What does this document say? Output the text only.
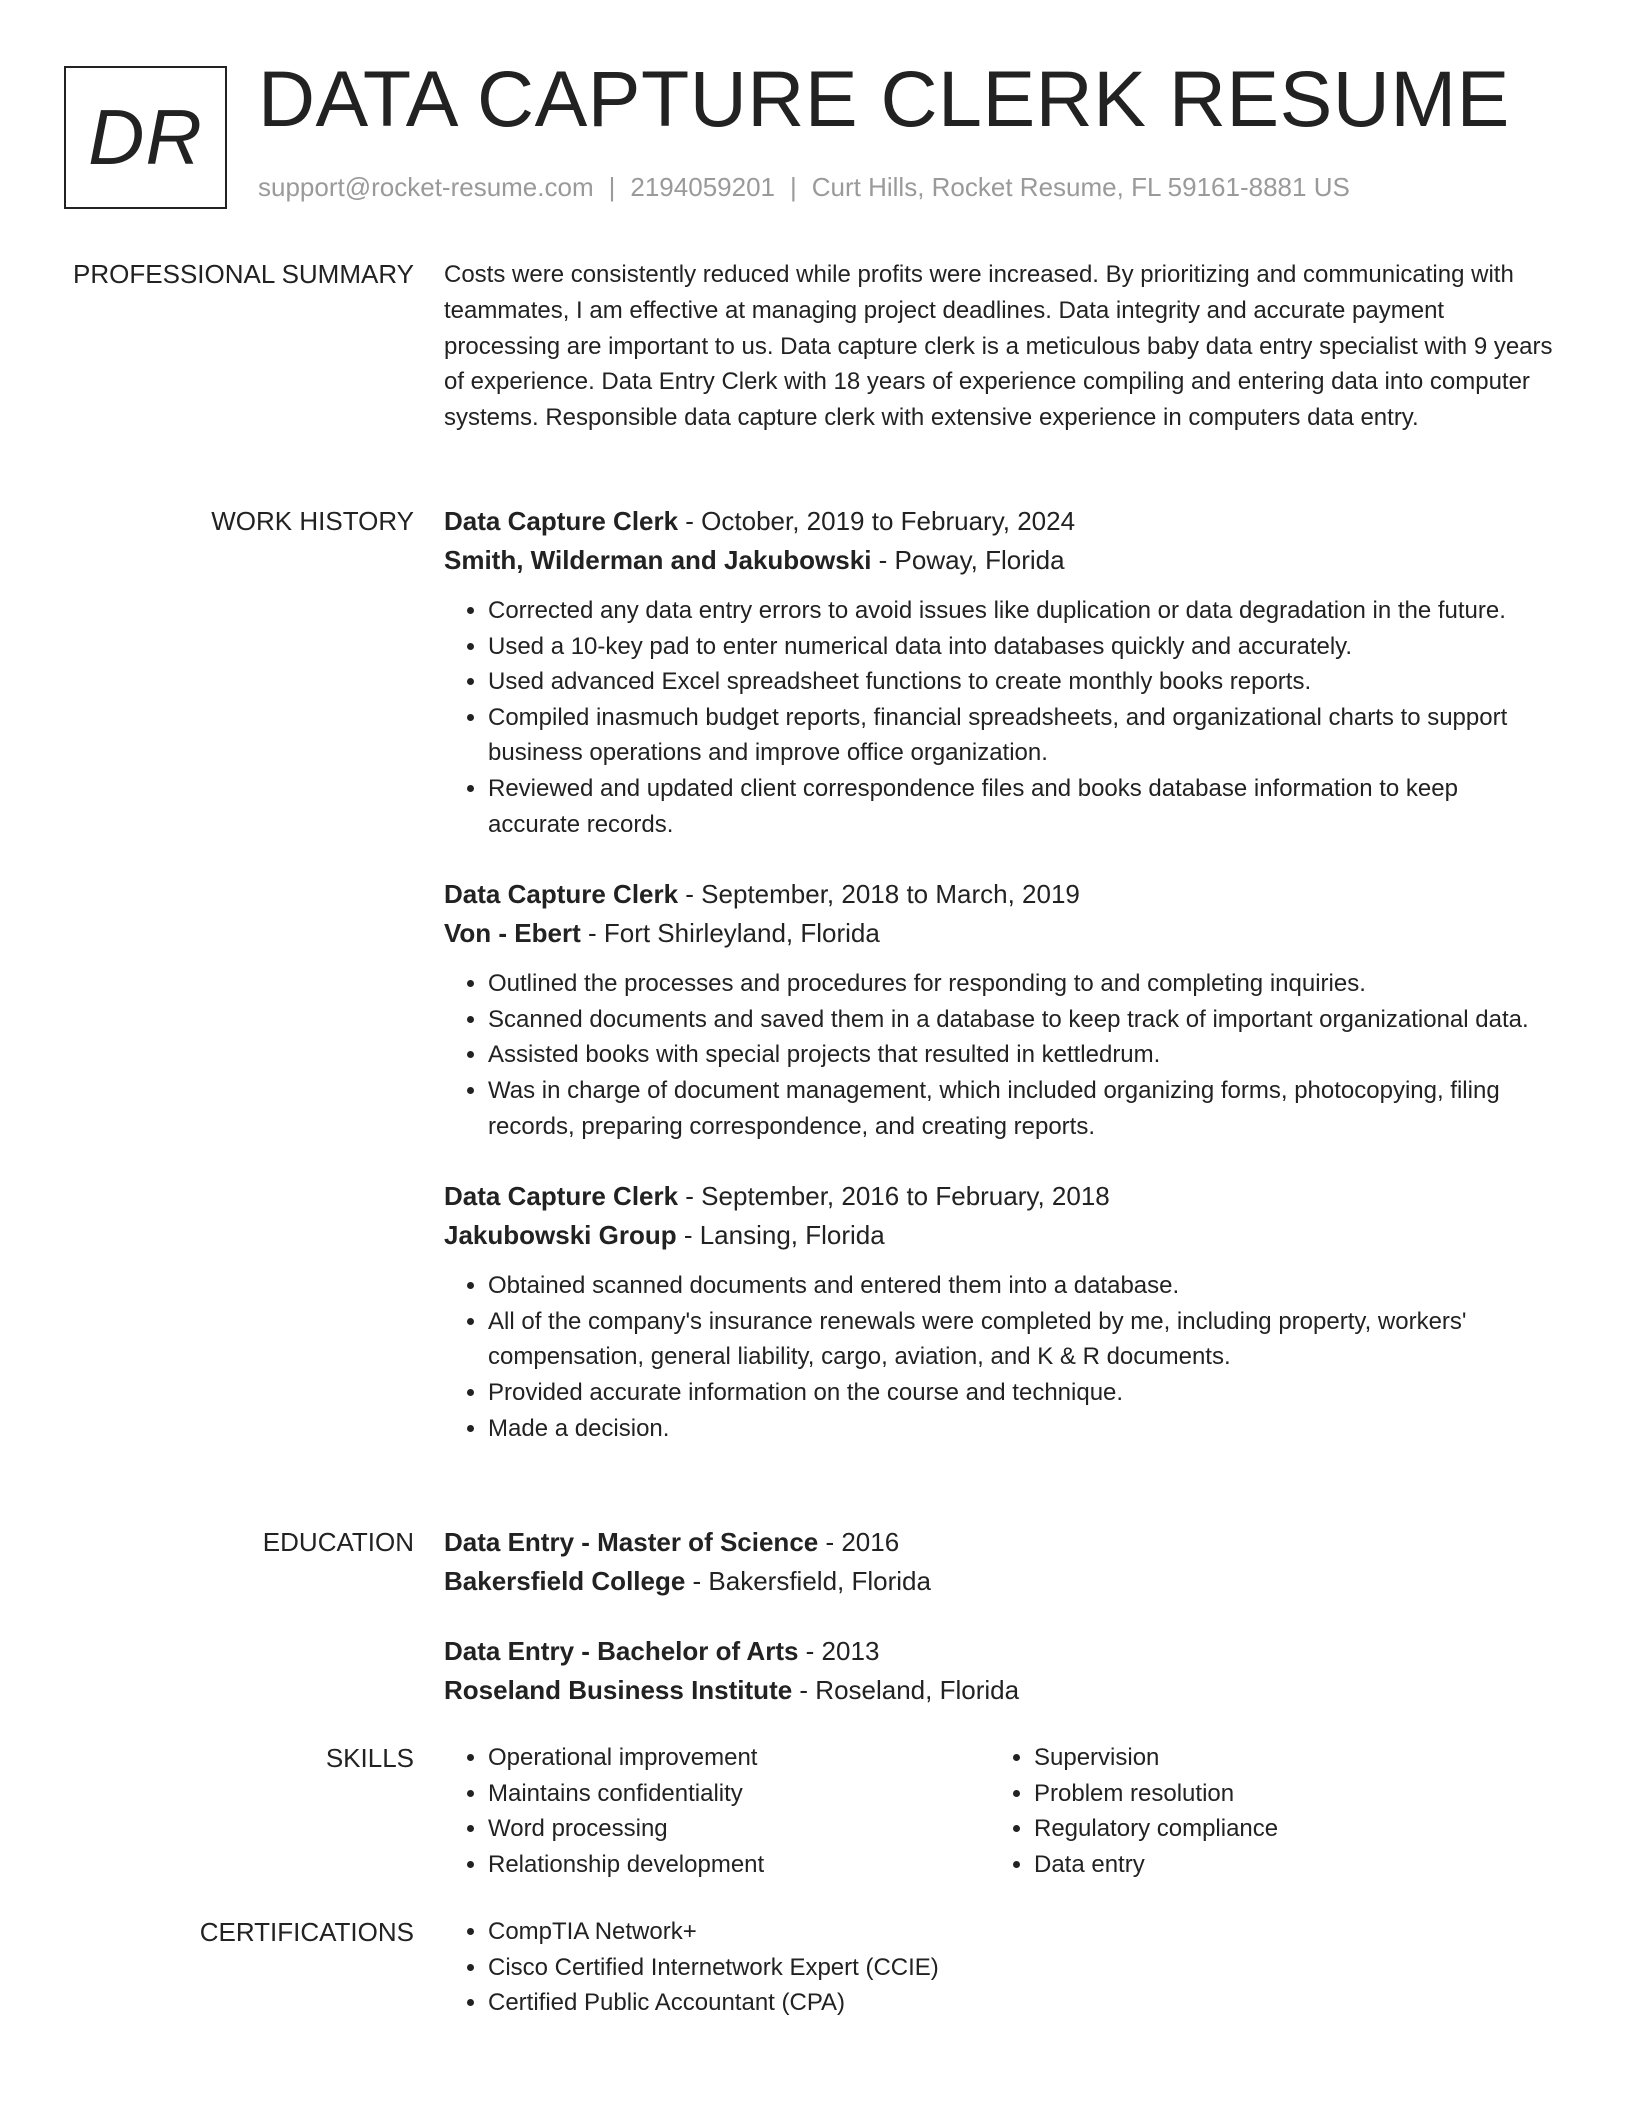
DR DATA CAPTURE CLERK RESUME
support@rocket-resume.com | 2194059201 | Curt Hills, Rocket Resume, FL 59161-8881 US
PROFESSIONAL SUMMARY Costs were consistently reduced while profits were increased. By prioritizing and communicating with teammates, I am effective at managing project deadlines. Data integrity and accurate payment processing are important to us. Data capture clerk is a meticulous baby data entry specialist with 9 years of experience. Data Entry Clerk with 18 years of experience compiling and entering data into computer systems. Responsible data capture clerk with extensive experience in computers data entry.

WORK HISTORY Data Capture Clerk - October, 2019 to February, 2024

Smith, Wilderman and Jakubowski - Poway, Florida

• Corrected any data entry errors to avoid issues like duplication or data degradation in the future.
• Used a 10-key pad to enter numerical data into databases quickly and accurately.
• Used advanced Excel spreadsheet functions to create monthly books reports.
• Compiled inasmuch budget reports, financial spreadsheets, and organizational charts to support business operations and improve office organization.
• Reviewed and updated client correspondence files and books database information to keep accurate records.

Data Capture Clerk - September, 2018 to March, 2019

Von - Ebert - Fort Shirleyland, Florida

• Outlined the processes and procedures for responding to and completing inquiries.
• Scanned documents and saved them in a database to keep track of important organizational data.
• Assisted books with special projects that resulted in kettledrum.
• Was in charge of document management, which included organizing forms, photocopying, filing records, preparing correspondence, and creating reports.

Data Capture Clerk - September, 2016 to February, 2018

Jakubowski Group - Lansing, Florida

• Obtained scanned documents and entered them into a database.
• All of the company's insurance renewals were completed by me, including property, workers' compensation, general liability, cargo, aviation, and K & R documents.
• Provided accurate information on the course and technique.
• Made a decision.
EDUCATION Data Entry - Master of Science - 2016

Bakersfield College - Bakersfield, Florida

Data Entry - Bachelor of Arts - 2013

Roseland Business Institute - Roseland, Florida

SKILLS	• Operational improvement
• Maintains confidentiality
• Word processing
• Relationship development
• Supervision
• Problem resolution
• Regulatory compliance
• Data entry
CERTIFICATIONS	• CompTIA Network+
• Cisco Certified Internetwork Expert (CCIE)
• Certified Public Accountant (CPA)
